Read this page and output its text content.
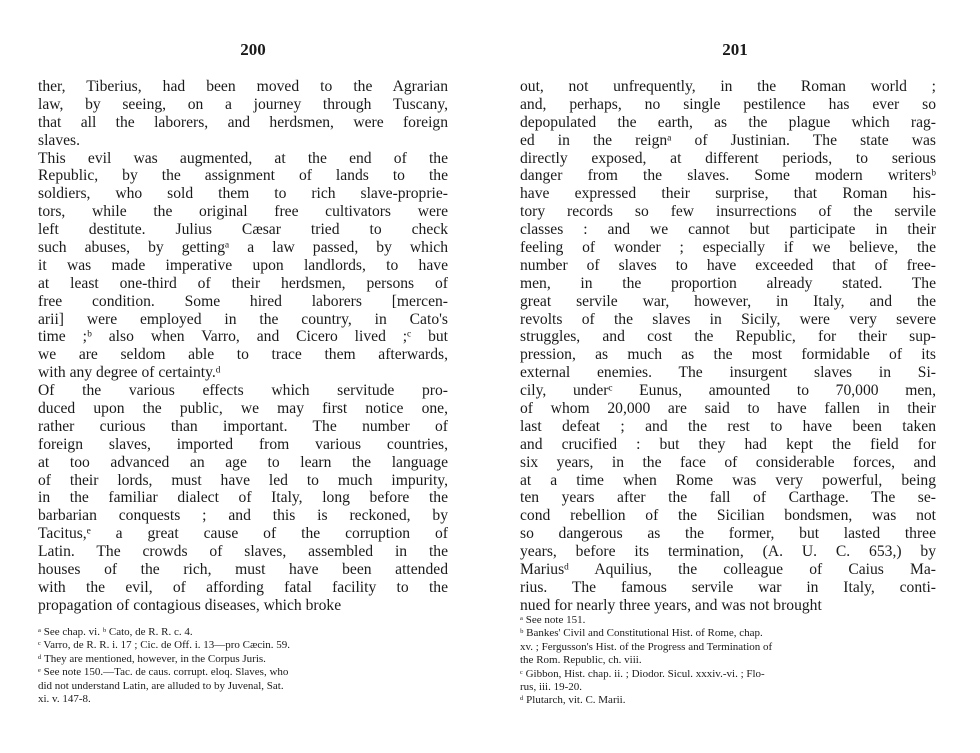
200
ther, Tiberius, had been moved to the Agrarian
law, by seeing, on a journey through Tuscany,
that all the laborers, and herdsmen, were foreign
slaves.
This evil was augmented, at the end of the
Republic, by the assignment of lands to the
soldiers, who sold them to rich slave-proprie-
tors, while the original free cultivators were
left destitute. Julius Cæsar tried to check
such abuses, by gettingᵃ a law passed, by which
it was made imperative upon landlords, to have
at least one-third of their herdsmen, persons of
free condition. Some hired laborers [mercen-
arii] were employed in the country, in Cato's
time ;ᵇ also when Varro, and Cicero lived ;ᶜ but
we are seldom able to trace them afterwards,
with any degree of certainty.ᵈ
Of the various effects which servitude pro-
duced upon the public, we may first notice one,
rather curious than important. The number of
foreign slaves, imported from various countries,
at too advanced an age to learn the language
of their lords, must have led to much impurity,
in the familiar dialect of Italy, long before the
barbarian conquests ; and this is reckoned, by
Tacitus,ᵉ a great cause of the corruption of
Latin. The crowds of slaves, assembled in the
houses of the rich, must have been attended
with the evil, of affording fatal facility to the
propagation of contagious diseases, which broke
ᵃ See chap. vi. ᵇ Cato, de R. R. c. 4.
ᶜ Varro, de R. R. i. 17 ; Cic. de Off. i. 13—pro Cæcin. 59.
ᵈ They are mentioned, however, in the Corpus Juris.
ᵉ See note 150.—Tac. de caus. corrupt. eloq. Slaves, who
did not understand Latin, are alluded to by Juvenal, Sat.
xi. v. 147-8.
201
out, not unfrequently, in the Roman world ;
and, perhaps, no single pestilence has ever so
depopulated the earth, as the plague which rag-
ed in the reignᵃ of Justinian. The state was
directly exposed, at different periods, to serious
danger from the slaves. Some modern writersᵇ
have expressed their surprise, that Roman his-
tory records so few insurrections of the servile
classes : and we cannot but participate in their
feeling of wonder ; especially if we believe, the
number of slaves to have exceeded that of free-
men, in the proportion already stated. The
great servile war, however, in Italy, and the
revolts of the slaves in Sicily, were very severe
struggles, and cost the Republic, for their sup-
pression, as much as the most formidable of its
external enemies. The insurgent slaves in Si-
cily, underᶜ Eunus, amounted to 70,000 men,
of whom 20,000 are said to have fallen in their
last defeat ; and the rest to have been taken
and crucified : but they had kept the field for
six years, in the face of considerable forces, and
at a time when Rome was very powerful, being
ten years after the fall of Carthage. The se-
cond rebellion of the Sicilian bondsmen, was not
so dangerous as the former, but lasted three
years, before its termination, (A. U. C. 653,) by
Mariusᵈ Aquilius, the colleague of Caius Ma-
rius. The famous servile war in Italy, conti-
nued for nearly three years, and was not brought
ᵃ See note 151.
ᵇ Bankes' Civil and Constitutional Hist. of Rome, chap.
xv. ; Fergusson's Hist. of the Progress and Termination of
the Rom. Republic, ch. viii.
ᶜ Gibbon, Hist. chap. ii. ; Diodor. Sicul. xxxiv.-vi. ; Flo-
rus, iii. 19-20.
ᵈ Plutarch, vit. C. Marii.
